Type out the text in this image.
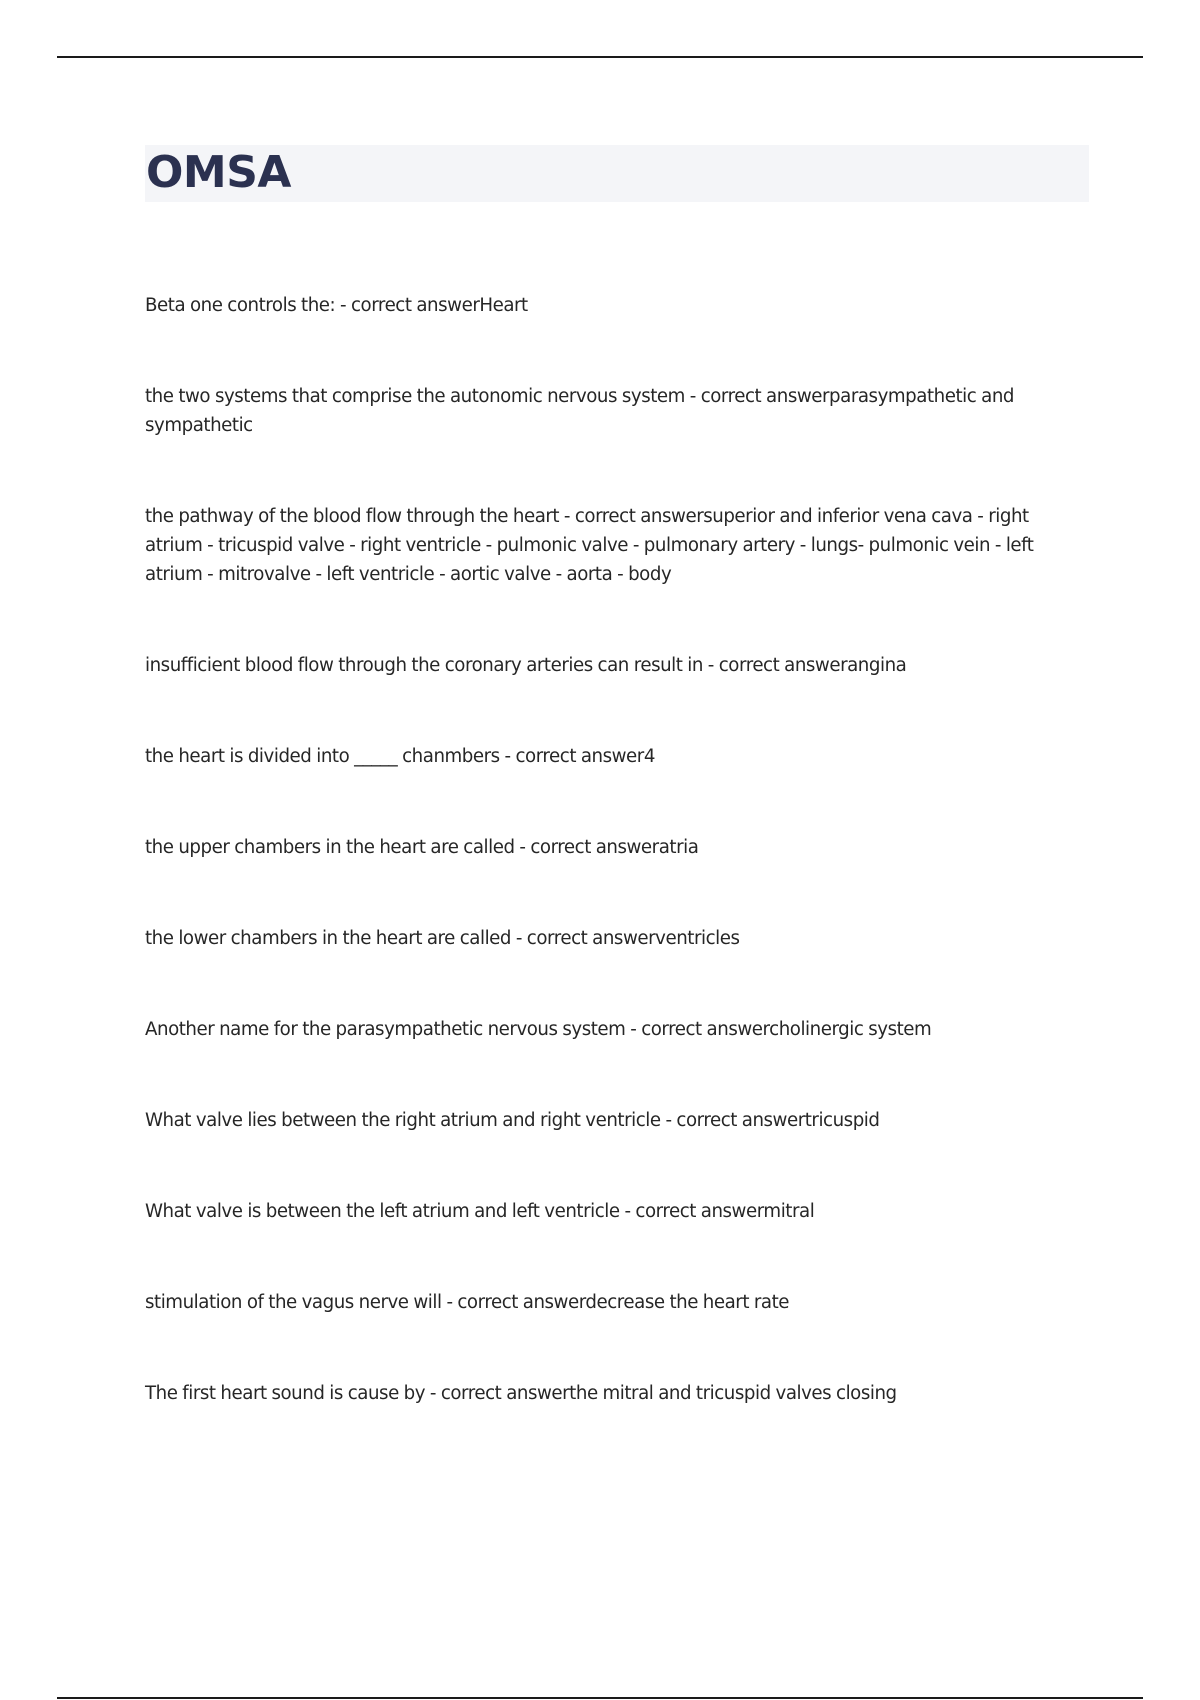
OMSA
Beta one controls the: - correct answerHeart
the two systems that comprise the autonomic nervous system - correct answerparasympathetic and sympathetic
the pathway of the blood flow through the heart - correct answersuperior and inferior vena cava - right atrium - tricuspid valve - right ventricle - pulmonic valve - pulmonary artery - lungs- pulmonic vein - left atrium - mitrovalve - left ventricle - aortic valve - aorta - body
insufficient blood flow through the coronary arteries can result in - correct answerangina
the heart is divided into _____ chanmbers - correct answer4
the upper chambers in the heart are called - correct answeratria
the lower chambers in the heart are called - correct answerventricles
Another name for the parasympathetic nervous system - correct answercholinergic system
What valve lies between the right atrium and right ventricle - correct answertricuspid
What valve is between the left atrium and left ventricle - correct answermitral
stimulation of the vagus nerve will - correct answerdecrease the heart rate
The first heart sound is cause by - correct answerthe mitral and tricuspid valves closing
